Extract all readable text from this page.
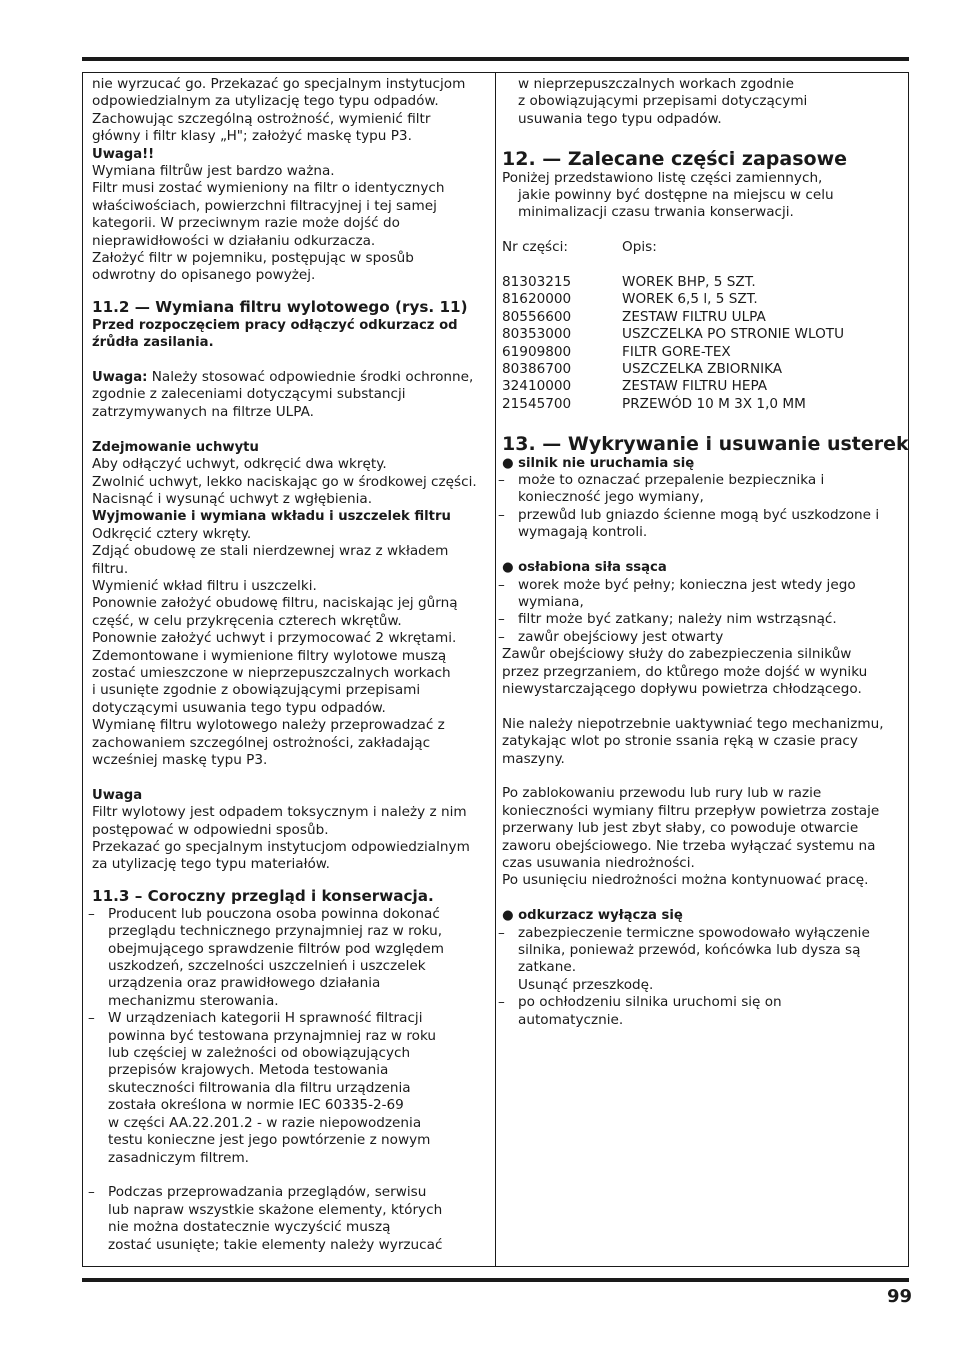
nie wyrzucać go. Przekazać go specjalnym instytucjom
odpowiedzialnym za utylizację tego typu odpadów.
Zachowując szczególną ostrożność, wymienić filtr
główny i filtr klasy „H"; założyć maskę typu P3.
Uwaga!!
Wymiana filtrůw jest bardzo ważna.
Filtr musi zostać wymieniony na filtr o identycznych
właściwościach, powierzchni filtracyjnej i tej samej
kategorii. W przeciwnym razie może dojść do
nieprawidłowości w działaniu odkurzacza.
Założyć filtr w pojemniku, postępując w sposůb
odwrotny do opisanego powyżej.
11.2 — Wymiana filtru wylotowego (rys. 11)
Przed rozpoczęciem pracy odłączyć odkurzacz od
źrůdła zasilania.
Uwaga: Należy stosować odpowiednie środki ochronne,
zgodnie z zaleceniami dotyczącymi substancji
zatrzymywanych na filtrze ULPA.
Zdejmowanie uchwytu
Aby odłączyć uchwyt, odkręcić dwa wkręty.
Zwolnić uchwyt, lekko naciskając go w środkowej części.
Nacisnąć i wysunąć uchwyt z wgłębienia.
Wyjmowanie i wymiana wkładu i uszczelek filtru
Odkręcić cztery wkręty.
Zdjąć obudowę ze stali nierdzewnej wraz z wkładem
filtru.
Wymienić wkład filtru i uszczelki.
Ponownie założyć obudowę filtru, naciskając jej gůrną
część, w celu przykręcenia czterech wkrętůw.
Ponownie założyć uchwyt i przymocować 2 wkrętami.
Zdemontowane i wymienione filtry wylotowe muszą
zostać umieszczone w nieprzepuszczalnych workach
i usunięte zgodnie z obowiązującymi przepisami
dotyczącymi usuwania tego typu odpadów.
Wymianę filtru wylotowego należy przeprowadzać z
zachowaniem szczególnej ostrożności, zakładając
wcześniej maskę typu P3.
Uwaga
Filtr wylotowy jest odpadem toksycznym i należy z nim
postępować w odpowiedni sposůb.
Przekazać go specjalnym instytucjom odpowiedzialnym
za utylizację tego typu materiałów.
11.3 – Coroczny przegląd i konserwacja.
– Producent lub pouczona osoba powinna dokonać
przeglądu technicznego przynajmniej raz w roku,
obejmującego sprawdzenie filtrów pod względem
uszkodzeń, szczelności uszczelnień i uszczelek
urządzenia oraz prawidłowego działania
mechanizmu sterowania.
– W urządzeniach kategorii H sprawność filtracji
powinna być testowana przynajmniej raz w roku
lub częściej w zależności od obowiązujących
przepisów krajowych. Metoda testowania
skuteczności filtrowania dla filtru urządzenia
została określona w normie IEC 60335-2-69
w części AA.22.201.2 - w razie niepowodzenia
testu konieczne jest jego powtórzenie z nowym
zasadniczym filtrem.
– Podczas przeprowadzania przeglądów, serwisu
lub napraw wszystkie skażone elementy, których
nie można dostatecznie wyczyścić muszą
zostać usunięte; takie elementy należy wyrzucać
w nieprzepuszczalnych workach zgodnie
z obowiązującymi przepisami dotyczącymi
usuwania tego typu odpadów.
12. — Zalecane części zapasowe
Poniżej przedstawiono listę części zamiennych,
jakie powinny być dostępne na miejscu w celu
minimalizacji czasu trwania konserwacji.
Nr części:	Opis:

81303215	WOREK BHP, 5 SZT.
81620000	WOREK 6,5 l, 5 SZT.
80556600	ZESTAW FILTRU ULPA
80353000	USZCZELKA PO STRONIE WLOTU
61909800	FILTR GORE-TEX
80386700	USZCZELKA ZBIORNIKA
32410000	ZESTAW FILTRU HEPA
21545700	PRZEWÓD 10 M 3X 1,0 MM
13. — Wykrywanie i usuwanie usterek
● silnik nie uruchamia się
– może to oznaczać przepalenie bezpiecznika i
konieczność jego wymiany,
– przewůd lub gniazdo ścienne mogą być uszkodzone i
wymagają kontroli.
● osłabiona siła ssąca
– worek może być pełny; konieczna jest wtedy jego
wymiana,
– filtr może być zatkany; należy nim wstrząsnąć.
– zawůr obejściowy jest otwarty
Zawůr obejściowy służy do zabezpieczenia silnikůw
przez przegrzaniem, do ktůrego może dojść w wyniku
niewystarczającego dopływu powietrza chłodzącego.
Nie należy niepotrzebnie uaktywniać tego mechanizmu,
zatykając wlot po stronie ssania ręką w czasie pracy
maszyny.
Po zablokowaniu przewodu lub rury lub w razie
konieczności wymiany filtru przepływ powietrza zostaje
przerwany lub jest zbyt słaby, co powoduje otwarcie
zaworu obejściowego. Nie trzeba wyłączać systemu na
czas usuwania niedrożności.
Po usunięciu niedrożności można kontynuować pracę.
● odkurzacz wyłącza się
– zabezpieczenie termiczne spowodowało wyłączenie
silnika, ponieważ przewód, końcówka lub dysza są
zatkane.
Usunąć przeszkodę.
– po ochłodzeniu silnika uruchomi się on
automatycznie.
99
